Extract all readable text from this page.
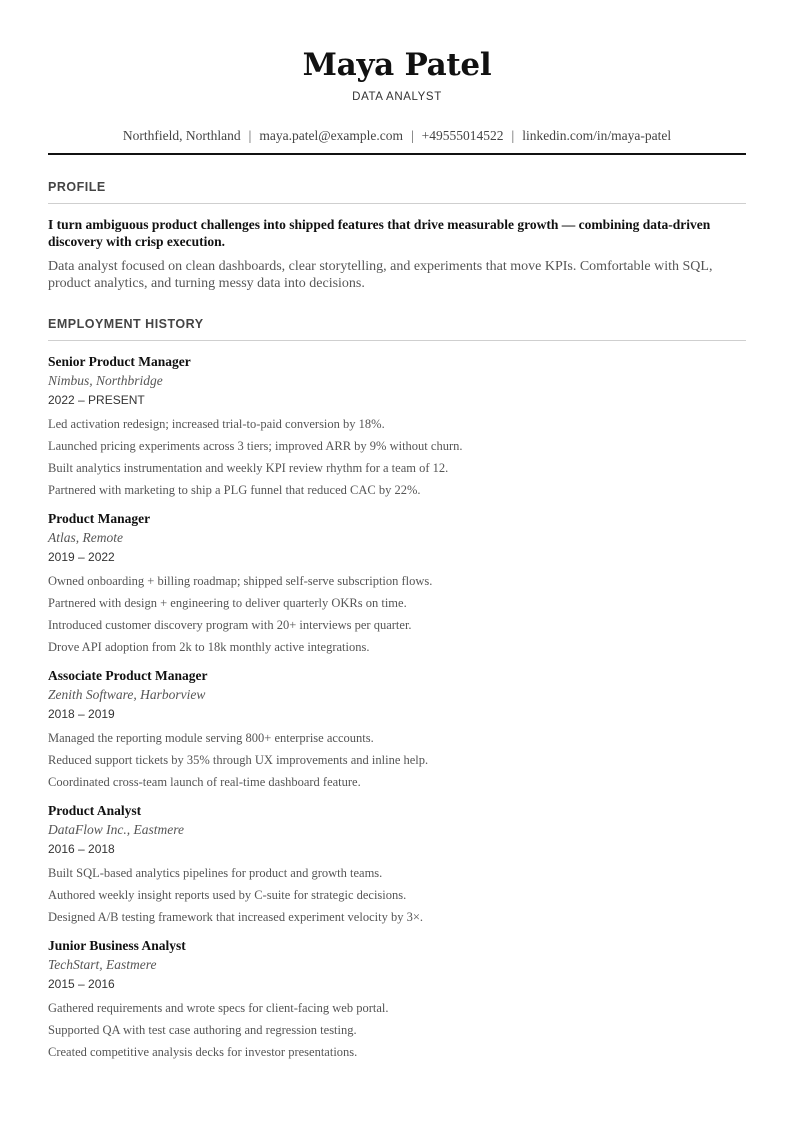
Maya Patel
DATA ANALYST
Northfield, Northland | maya.patel@example.com | +49555014522 | linkedin.com/in/maya-patel
PROFILE
I turn ambiguous product challenges into shipped features that drive measurable growth — combining data-driven discovery with crisp execution.
Data analyst focused on clean dashboards, clear storytelling, and experiments that move KPIs. Comfortable with SQL, product analytics, and turning messy data into decisions.
EMPLOYMENT HISTORY
Senior Product Manager
Nimbus, Northbridge
2022 – PRESENT
Led activation redesign; increased trial-to-paid conversion by 18%.
Launched pricing experiments across 3 tiers; improved ARR by 9% without churn.
Built analytics instrumentation and weekly KPI review rhythm for a team of 12.
Partnered with marketing to ship a PLG funnel that reduced CAC by 22%.
Product Manager
Atlas, Remote
2019 – 2022
Owned onboarding + billing roadmap; shipped self-serve subscription flows.
Partnered with design + engineering to deliver quarterly OKRs on time.
Introduced customer discovery program with 20+ interviews per quarter.
Drove API adoption from 2k to 18k monthly active integrations.
Associate Product Manager
Zenith Software, Harborview
2018 – 2019
Managed the reporting module serving 800+ enterprise accounts.
Reduced support tickets by 35% through UX improvements and inline help.
Coordinated cross-team launch of real-time dashboard feature.
Product Analyst
DataFlow Inc., Eastmere
2016 – 2018
Built SQL-based analytics pipelines for product and growth teams.
Authored weekly insight reports used by C-suite for strategic decisions.
Designed A/B testing framework that increased experiment velocity by 3×.
Junior Business Analyst
TechStart, Eastmere
2015 – 2016
Gathered requirements and wrote specs for client-facing web portal.
Supported QA with test case authoring and regression testing.
Created competitive analysis decks for investor presentations.
